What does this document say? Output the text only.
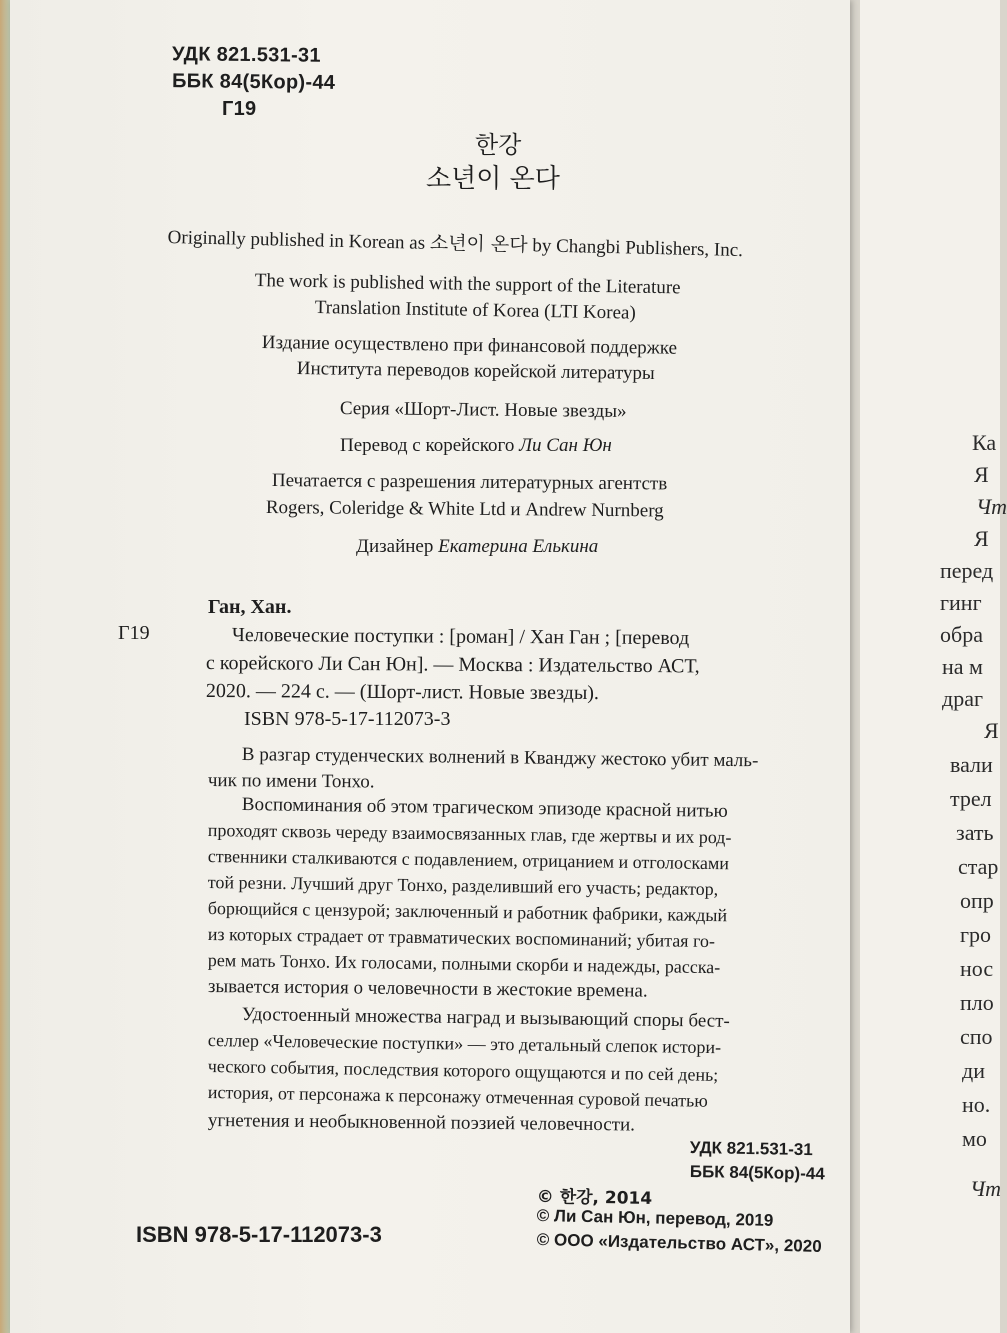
УДК 821.531-31
ББК 84(5Кор)-44
Г19
한강
소년이 온다
Originally published in Korean as 소년이 온다 by Changbi Publishers, Inc.
The work is published with the support of the Literature
Translation Institute of Korea (LTI Korea)
Издание осуществлено при финансовой поддержке
Института переводов корейской литературы
Серия «Шорт-Лист. Новые звезды»
Перевод с корейского Ли Сан Юн
Печатается с разрешения литературных агентств
Rogers, Coleridge & White Ltd и Andrew Nurnberg
Дизайнер Екатерина Елькина
Ган, Хан.
Г19	Человеческие поступки : [роман] / Хан Ган ; [перевод
с корейского Ли Сан Юн]. — Москва : Издательство АСТ,
2020. — 224 с. — (Шорт-лист. Новые звезды).
ISBN 978-5-17-112073-3
В разгар студенческих волнений в Кванджу жестоко убит маль-
чик по имени Тонхо.
Воспоминания об этом трагическом эпизоде красной нитью
проходят сквозь череду взаимосвязанных глав, где жертвы и их род-
ственники сталкиваются с подавлением, отрицанием и отголосками
той резни. Лучший друг Тонхо, разделивший его участь; редактор,
борющийся с цензурой; заключенный и работник фабрики, каждый
из которых страдает от травматических воспоминаний; убитая го-
рем мать Тонхо. Их голосами, полными скорби и надежды, расска-
зывается история о человечности в жестокие времена.
Удостоенный множества наград и вызывающий споры бест-
селлер «Человеческие поступки» — это детальный слепок истори-
ческого события, последствия которого ощущаются и по сей день;
история, от персонажа к персонажу отмеченная суровой печатью
угнетения и необыкновенной поэзией человечности.
УДК 821.531-31
ББК 84(5Кор)-44
ISBN 978-5-17-112073-3
© 한강, 2014
© Ли Сан Юн, перевод, 2019
© ООО «Издательство АСТ», 2020
Ка
Я
Чт
Я
перед
гинг
обра
на м
драг
Я
вали
трел
зать
стар
опр
гро
нос
пло
спо
ди
но.
мо
Чт
